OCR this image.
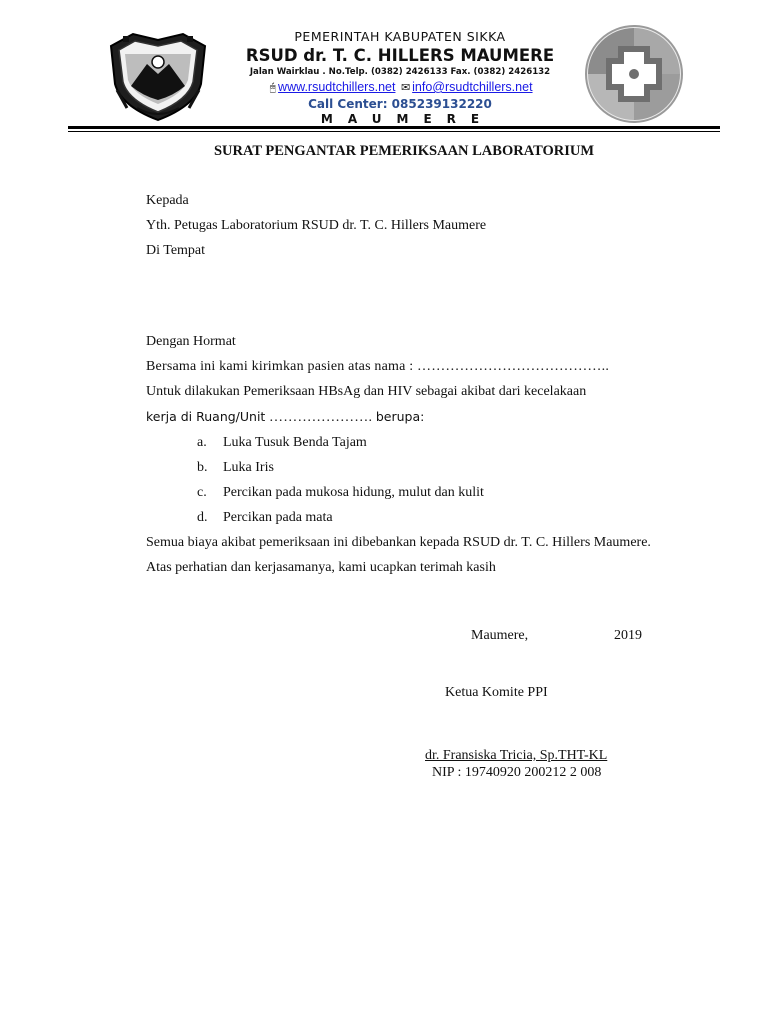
PEMERINTAH KABUPATEN SIKKA
RSUD dr. T. C. HILLERS MAUMERE
Jalan Wairklau . No.Telp. (0382) 2426133 Fax. (0382) 2426132
🖰 www.rsudtchillers.net ✉ info@rsudtchillers.net
Call Center: 085239132220
MAUMERE
SURAT PENGANTAR PEMERIKSAAN LABORATORIUM
Kepada
Yth. Petugas Laboratorium RSUD dr. T. C. Hillers Maumere
Di Tempat

Dengan Hormat

Bersama ini kami kirimkan pasien atas nama : …………………………………..

Untuk dilakukan Pemeriksaan HBsAg dan HIV sebagai akibat dari kecelakaan

kerja di Ruang/Unit …………………. berupa:

a.	Luka Tusuk Benda Tajam
b.	Luka Iris
c.	Percikan pada mukosa hidung, mulut dan kulit
d.	Percikan pada mata

Semua biaya akibat pemeriksaan ini dibebankan kepada RSUD dr. T. C. Hillers Maumere.

Atas perhatian dan kerjasamanya, kami ucapkan terimah kasih

Maumere,	2019
Ketua Komite PPI
dr. Fransiska Tricia, Sp.THT-KL
NIP : 19740920 200212 2 008
